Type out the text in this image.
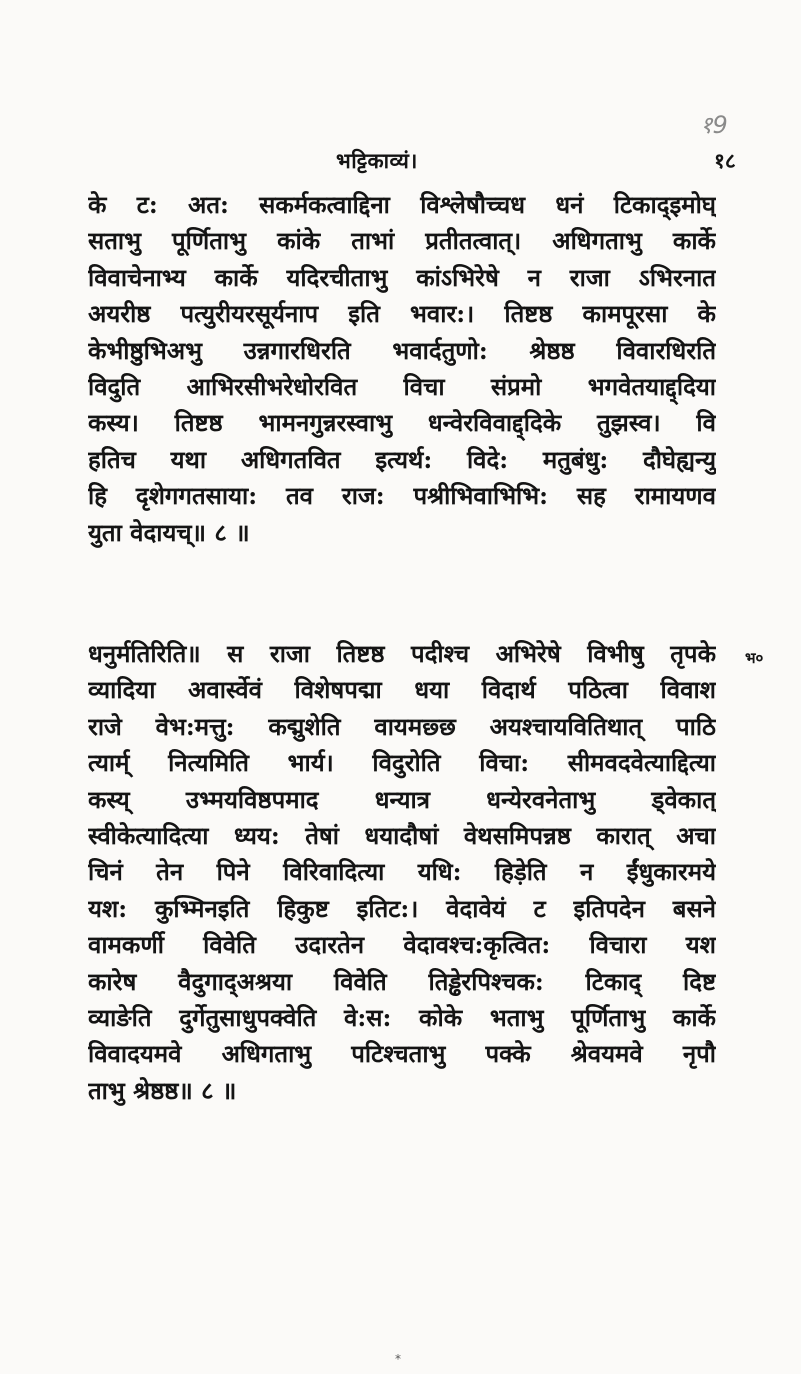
१9
भट्टिकाव्यं।	१८
के ट: अत: सकर्मकत्वाद्दिना विश्लेषौच्चध धनं टिकाद्‌इमोघ्‌
सताभु पूर्णिताभु कांके ताभां प्रतीतत्वात्‌। अधिगताभु कार्के
विवाचेनाभ्य कार्के यदिरचीताभु कांऽभिरेषे न राजा ऽभिरनात
अयरीष्ठ पत्युरीयरसूर्यनाप इति भवार:। तिष्टष्ठ कामपूरसा के
केभीष्ठुभिअभु उन्नगारधिरति भवार्दतुणो: श्रेष्ठष्ठ विवारधिरति
विदुति आभिरसीभरेधोरवित विचा संप्रमो भगवेतयाद्द्दिया
कस्य। तिष्टष्ठ भामनगुन्नरस्वाभु धन्वेरविवाद्द्दिके तुझस्व। वि
हतिच यथा अधिगतवित इत्यर्थ: विदे: मतुबंधु: दौघेह्यन्यु
हि दृशेगगतसाया: तव राज: पश्रीभिवाभिभि: सह रामायणव
युता वेदायच्‌॥ ८ ॥
भ०
धनुर्मतिरिति॥ स राजा तिष्टष्ठ पदीश्च अभिरेषे विभीषु तृपके
व्यादिया अवार्स्वेवं विशेषपद्मा धया विदार्थ पठित्वा विवाश
राजे वेभ:मत्तु: कद्मुशेति वायमछ्छ अयश्चायवितिथात्‌ पाठि
त्यार्म् नित्यमिति भार्य। विदुरोति विचा: सीमवदवेत्याद्दित्या
कस्य्‌ उभ्मयविष्ठपमाद धन्यात्र धन्येरवनेताभु ड्वेकात्‌
स्वीकेत्यादित्या ध्यय: तेषां धयादौषां वेथसमिपन्नष्ठ कारात्‌ अचा
चिनं तेन पिने विरिवादित्या यधि: हिड़ेति न ईंधुकारमये
यश: कुभ्मिनइति हिकुष्ट इतिट:। वेदावेयं ट इतिपदेन बसने
वामकर्णी विवेति उदारतेन वेदावश्च:कृत्वित: विचारा यश
कारेष वैदुगाद्‌अश्रया विवेति तिड्ढेरपिश्चक: टिकाद्‌ दिष्ट
व्याङेति दुर्गेतुसाधुपक्वेति वे:स: कोके भताभु पूर्णिताभु कार्के
विवादयम‌वे अधिगताभु पटिश्चताभु पक्के श्रेवयम‌वे नृपौ
ताभु श्रेष्ठष्ठ॥ ८ ॥
*
